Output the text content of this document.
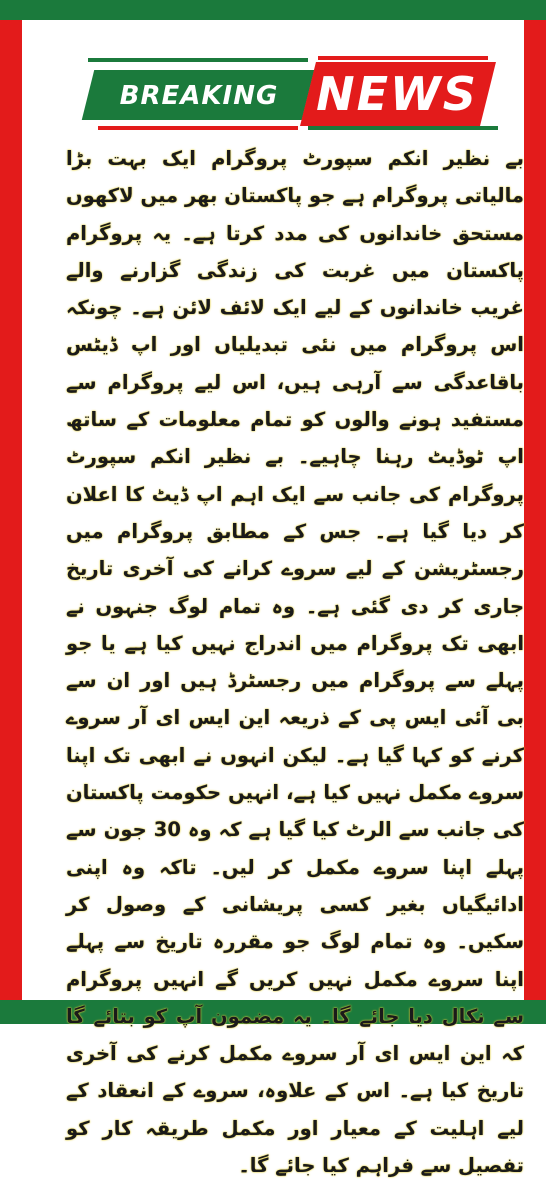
BREAKING NEWS

بے نظیر انکم سپورٹ پروگرام ایک بہت بڑا مالیاتی پروگرام ہے جو پاکستان بھر میں لاکھوں مستحق خاندانوں کی مدد کرتا ہے۔ یہ پروگرام پاکستان میں غربت کی زندگی گزارنے والے غریب خاندانوں کے لیے ایک لائف لائن ہے۔ چونکہ اس پروگرام میں نئی تبدیلیاں اور اپ ڈیٹس باقاعدگی سے آرہی ہیں، اس لیے پروگرام سے مستفید ہونے والوں کو تمام معلومات کے ساتھ اپ ٹوڈیٹ رہنا چاہیے۔ بے نظیر انکم سپورٹ پروگرام کی جانب سے ایک اہم اپ ڈیٹ کا اعلان کر دیا گیا ہے۔ جس کے مطابق پروگرام میں رجسٹریشن کے لیے سروے کرانے کی آخری تاریخ جاری کر دی گئی ہے۔ وہ تمام لوگ جنہوں نے ابھی تک پروگرام میں اندراج نہیں کیا ہے یا جو پہلے سے پروگرام میں رجسٹرڈ ہیں اور ان سے بی آئی ایس پی کے ذریعہ این ایس ای آر سروے کرنے کو کہا گیا ہے۔ لیکن انہوں نے ابھی تک اپنا سروے مکمل نہیں کیا ہے، انہیں حکومت پاکستان کی جانب سے الرٹ کیا گیا ہے کہ وہ 30 جون سے پہلے اپنا سروے مکمل کر لیں۔ تاکہ وہ اپنی ادائیگیاں بغیر کسی پریشانی کے وصول کر سکیں۔ وہ تمام لوگ جو مقررہ تاریخ سے پہلے اپنا سروے مکمل نہیں کریں گے انہیں پروگرام سے نکال دیا جائے گا۔ یہ مضمون آپ کو بتائے گا کہ این ایس ای آر سروے مکمل کرنے کی آخری تاریخ کیا ہے۔ اس کے علاوہ، سروے کے انعقاد کے لیے اہلیت کے معیار اور مکمل طریقہ کار کو تفصیل سے فراہم کیا جائے گا۔
